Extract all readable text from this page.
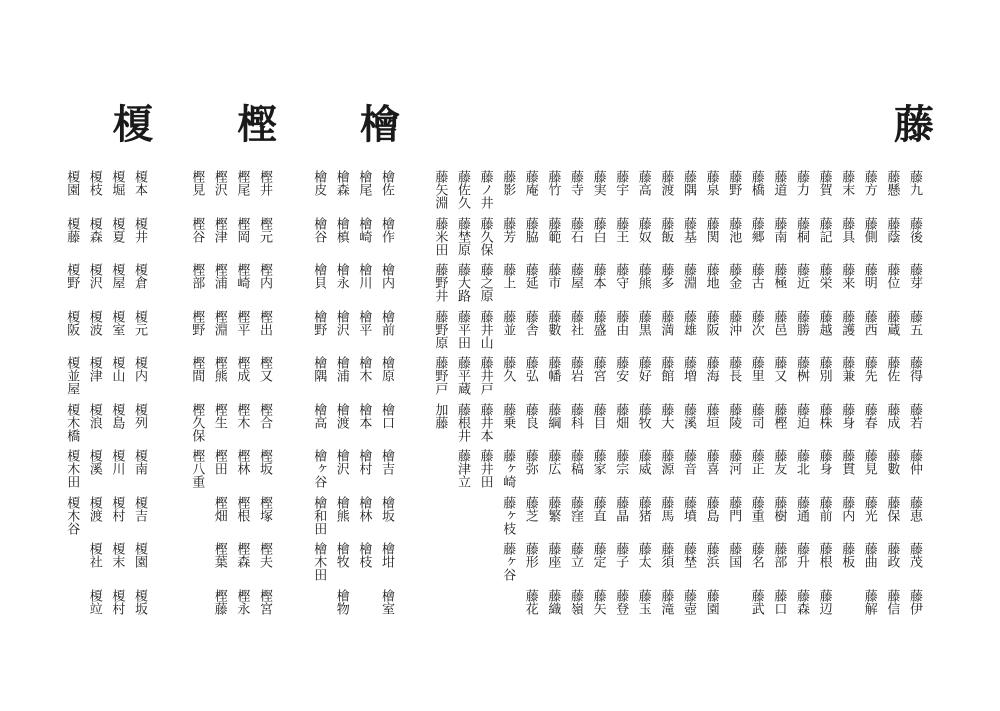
藤
藤九藤後藤芽藤五藤得藤若藤仲藤恵藤茂藤伊
藤懸藤蔭藤位藤蔵藤佐藤成藤數藤保藤政藤信
藤方藤側藤明藤西藤先藤春藤見藤光藤曲藤解
藤末藤具藤来藤護藤兼藤身藤貫藤内藤板
藤賀藤記藤栄藤越藤別藤株藤身藤前藤根藤辺
藤力藤桐藤近藤勝藤桝藤迫藤北藤通藤升藤森
藤道藤南藤極藤邑藤又藤樫藤友藤樹藤部藤口
藤橋藤郷藤古藤次藤里藤司藤正藤重藤名藤武
藤野藤池藤金藤沖藤長藤陵藤河藤門藤国
藤泉藤関藤地藤阪藤海藤垣藤喜藤島藤浜藤園
藤隅藤基藤淵藤雄藤増藤溪藤音藤墳藤埜藤壺
藤渡藤飯藤多藤満藤館藤大藤源藤馬藤須藤滝
藤高藤奴藤熊藤黒藤好藤牧藤威藤猪藤太藤玉
藤宇藤王藤守藤由藤安藤畑藤宗藤晶藤子藤登
藤実藤白藤本藤盛藤宮藤目藤家藤直藤定藤矢
藤寺藤石藤屋藤社藤岩藤科藤稿藤窪藤立藤嶺
藤竹藤範藤市藤數藤幡藤綱藤広藤繁藤座藤織
藤庵藤脇藤延藤舎藤弘藤良藤弥藤芝藤形藤花
藤影藤芳藤上藤並藤久藤乗藤ヶ崎藤ヶ枝藤ヶ谷
藤ノ井藤久保藤之原藤井山藤井戸藤井本藤井田
藤佐久藤埜原藤大路藤平田藤平蔵藤根井藤津立
藤矢淵藤米田藤野井藤野原藤野戸加藤
檜
檜佐檜作檜内檜前檜原檜口檜吉檜坂檜坩檜室
檜尾檜崎檜川檜平檜木檜本檜村檜林檜枝
檜森檜槙檜永檜沢檜浦檜渡檜沢檜熊檜牧檜物
檜皮檜谷檜貝檜野檜隅檜高檜ヶ谷檜和田檜木田
樫
樫井樫元樫内樫出樫又樫合樫坂樫塚樫夫樫宮
樫尾樫岡樫崎樫平樫成樫木樫林樫根樫森樫永
樫沢樫津樫浦樫淵樫熊樫生樫田樫畑樫葉樫藤
樫見樫谷樫部樫野樫間樫久保樫八重
榎
榎本榎井榎倉榎元榎内榎列榎南榎吉榎園榎坂
榎堀榎夏榎屋榎室榎山榎島榎川榎村榎末榎村
榎枝榎森榎沢榎波榎津榎浪榎溪榎渡榎社榎竝
榎園榎藤榎野榎阪榎並屋榎木橋榎木田榎木谷
